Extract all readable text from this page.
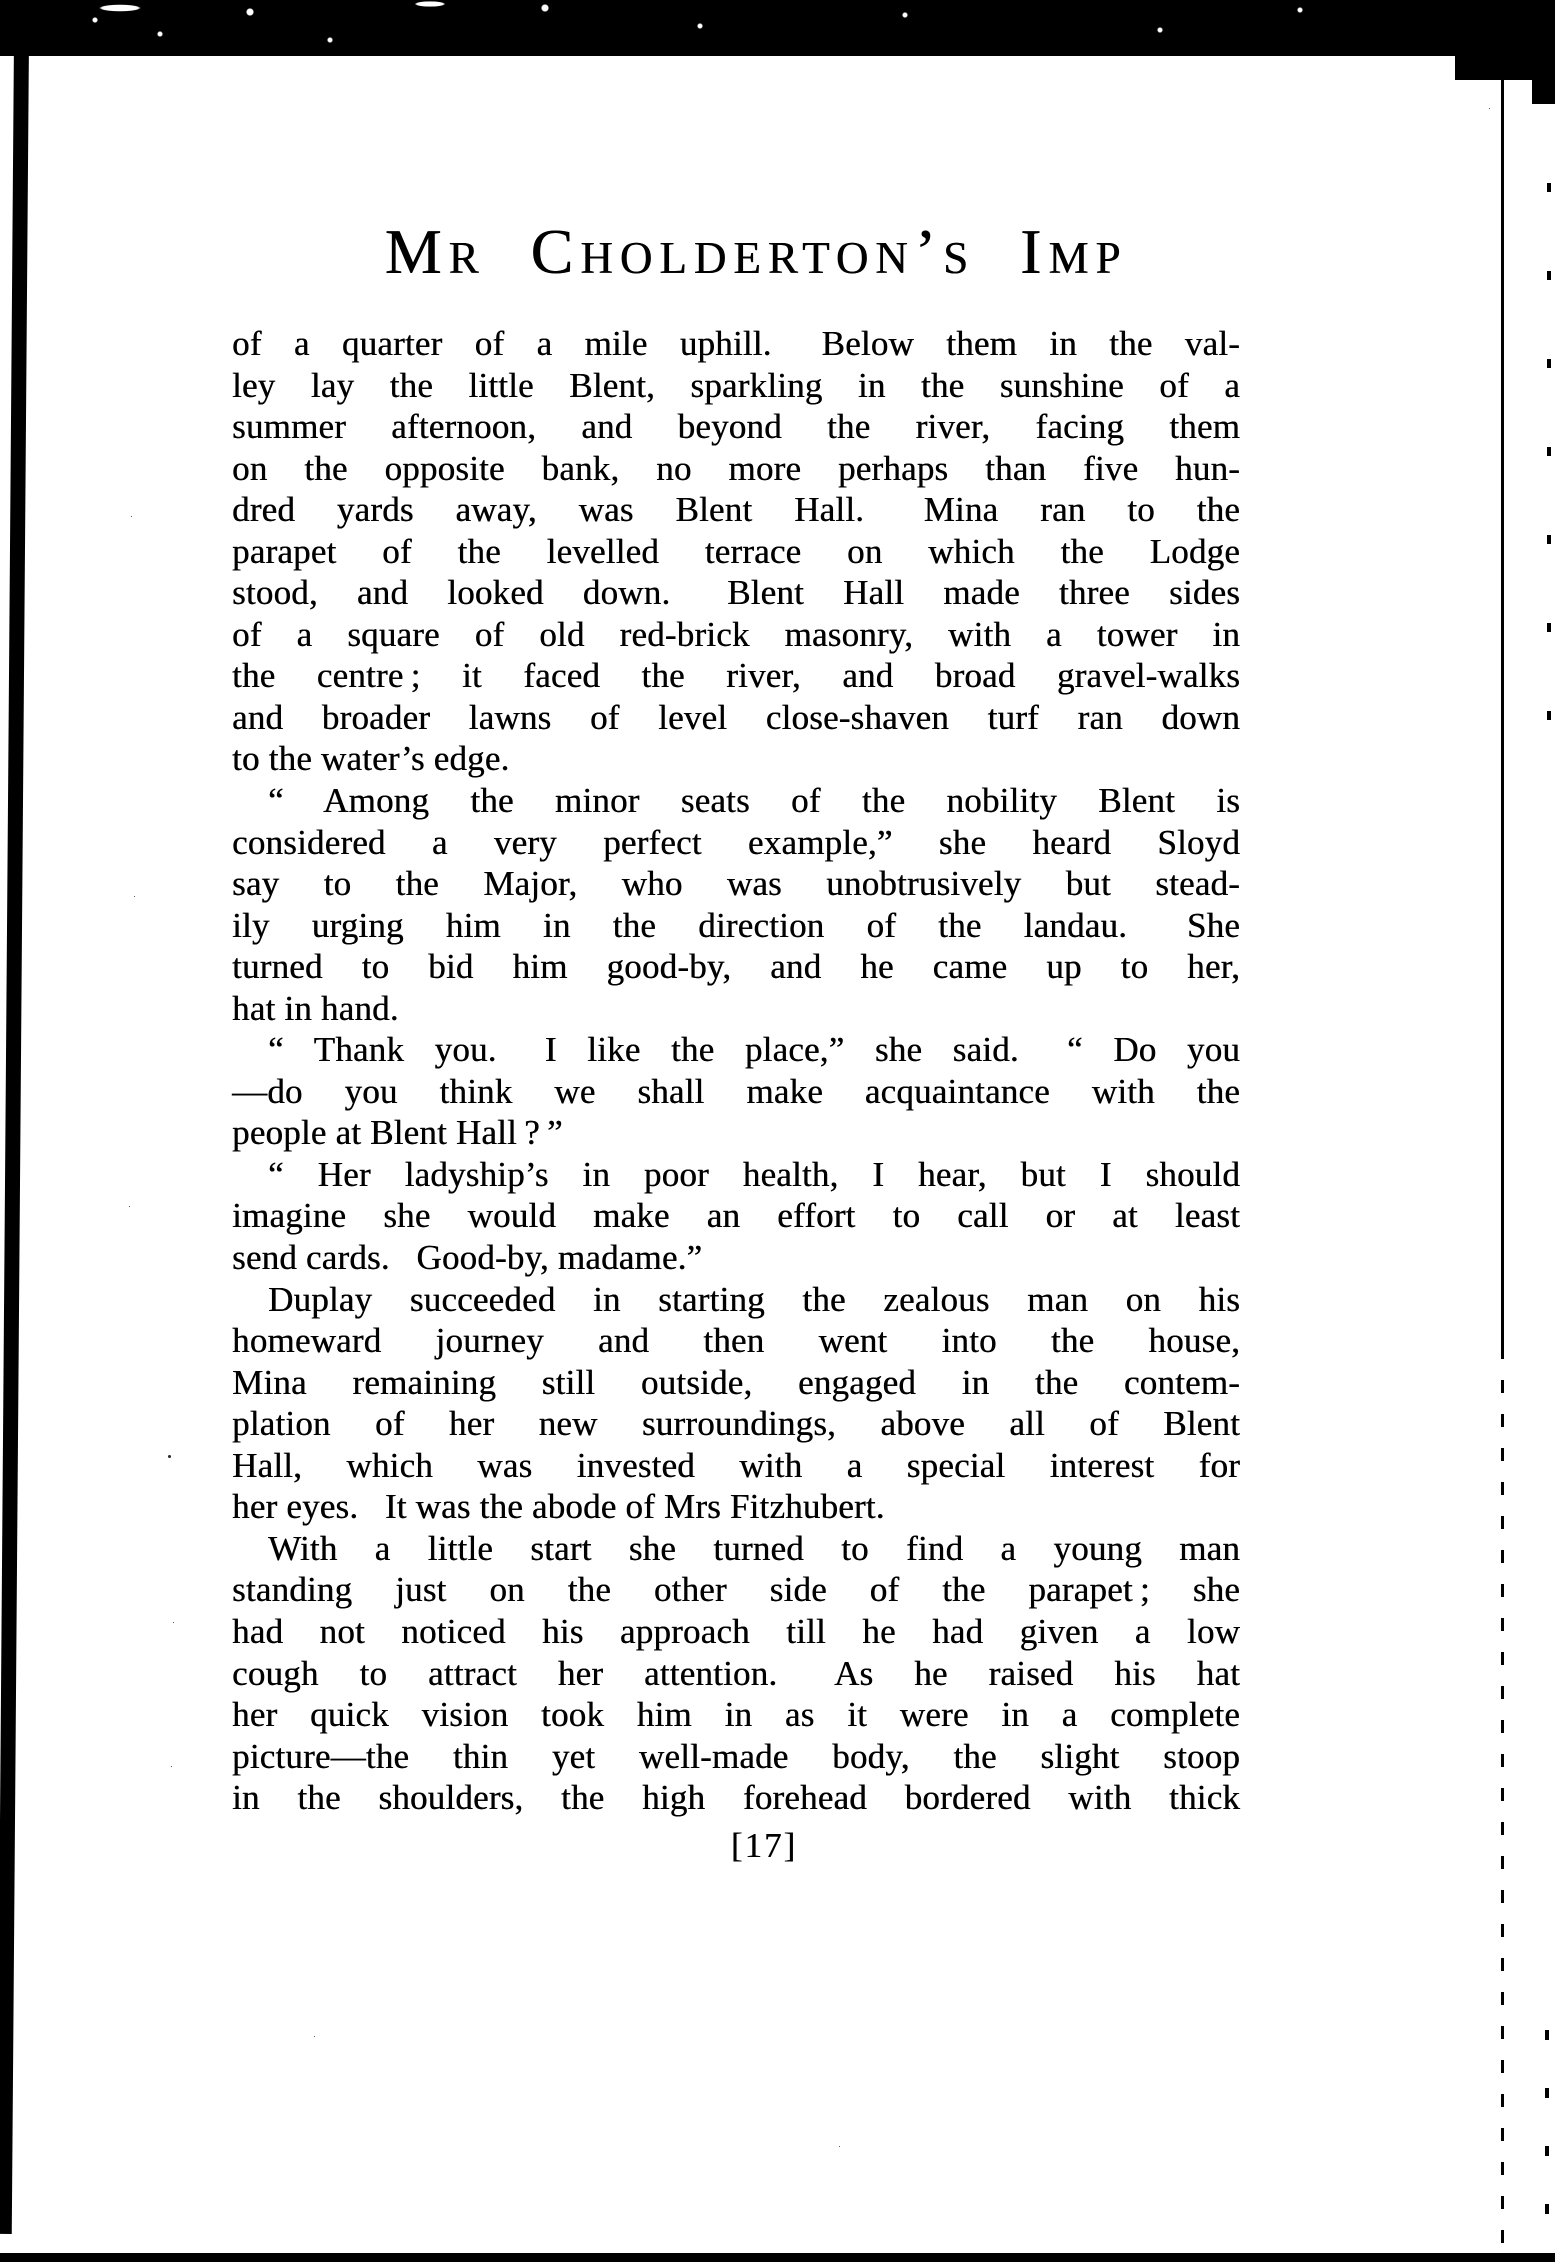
Mr Cholderton’s Imp
of a quarter of a mile uphill.  Below them in the val-
ley lay the little Blent, sparkling in the sunshine of a
summer afternoon, and beyond the river, facing them
on the opposite bank, no more perhaps than five hun-
dred yards away, was Blent Hall.  Mina ran to the
parapet of the levelled terrace on which the Lodge
stood, and looked down.  Blent Hall made three sides
of a square of old red-brick masonry, with a tower in
the centre ; it faced the river, and broad gravel-walks
and broader lawns of level close-shaven turf ran down
to the water’s edge.
“ Among the minor seats of the nobility Blent is
considered a very perfect example,” she heard Sloyd
say to the Major, who was unobtrusively but stead-
ily urging him in the direction of the landau.  She
turned to bid him good-by, and he came up to her,
hat in hand.
“ Thank you.  I like the place,” she said.  “ Do you
—do you think we shall make acquaintance with the
people at Blent Hall ? ”
“ Her ladyship’s in poor health, I hear, but I should
imagine she would make an effort to call or at least
send cards.  Good-by, madame.”
Duplay succeeded in starting the zealous man on his
homeward journey and then went into the house,
Mina remaining still outside, engaged in the contem-
plation of her new surroundings, above all of Blent
Hall, which was invested with a special interest for
her eyes.  It was the abode of Mrs Fitzhubert.
With a little start she turned to find a young man
standing just on the other side of the parapet ; she
had not noticed his approach till he had given a low
cough to attract her attention.  As he raised his hat
her quick vision took him in as it were in a complete
picture—the thin yet well-made body, the slight stoop
in the shoulders, the high forehead bordered with thick
[17]
